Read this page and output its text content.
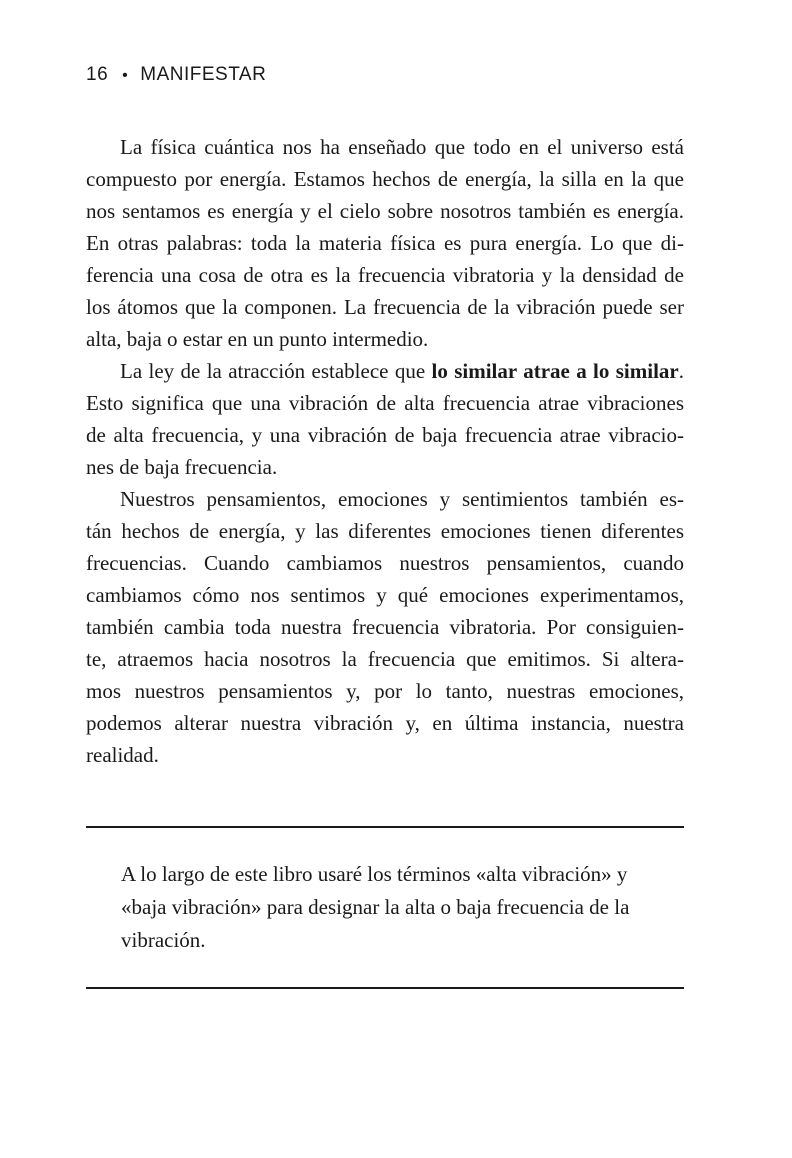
16 • MANIFESTAR
La física cuántica nos ha enseñado que todo en el universo está
compuesto por energía. Estamos hechos de energía, la silla en la que
nos sentamos es energía y el cielo sobre nosotros también es energía.
En otras palabras: toda la materia física es pura energía. Lo que di-
ferencia una cosa de otra es la frecuencia vibratoria y la densidad de
los átomos que la componen. La frecuencia de la vibración puede ser
alta, baja o estar en un punto intermedio.
La ley de la atracción establece que lo similar atrae a lo similar.
Esto significa que una vibración de alta frecuencia atrae vibraciones
de alta frecuencia, y una vibración de baja frecuencia atrae vibracio-
nes de baja frecuencia.
Nuestros pensamientos, emociones y sentimientos también es-
tán hechos de energía, y las diferentes emociones tienen diferentes
frecuencias. Cuando cambiamos nuestros pensamientos, cuando
cambiamos cómo nos sentimos y qué emociones experimentamos,
también cambia toda nuestra frecuencia vibratoria. Por consiguien-
te, atraemos hacia nosotros la frecuencia que emitimos. Si altera-
mos nuestros pensamientos y, por lo tanto, nuestras emociones,
podemos alterar nuestra vibración y, en última instancia, nuestra
realidad.
A lo largo de este libro usaré los términos «alta vibración» y
«baja vibración» para designar la alta o baja frecuencia de la
vibración.
